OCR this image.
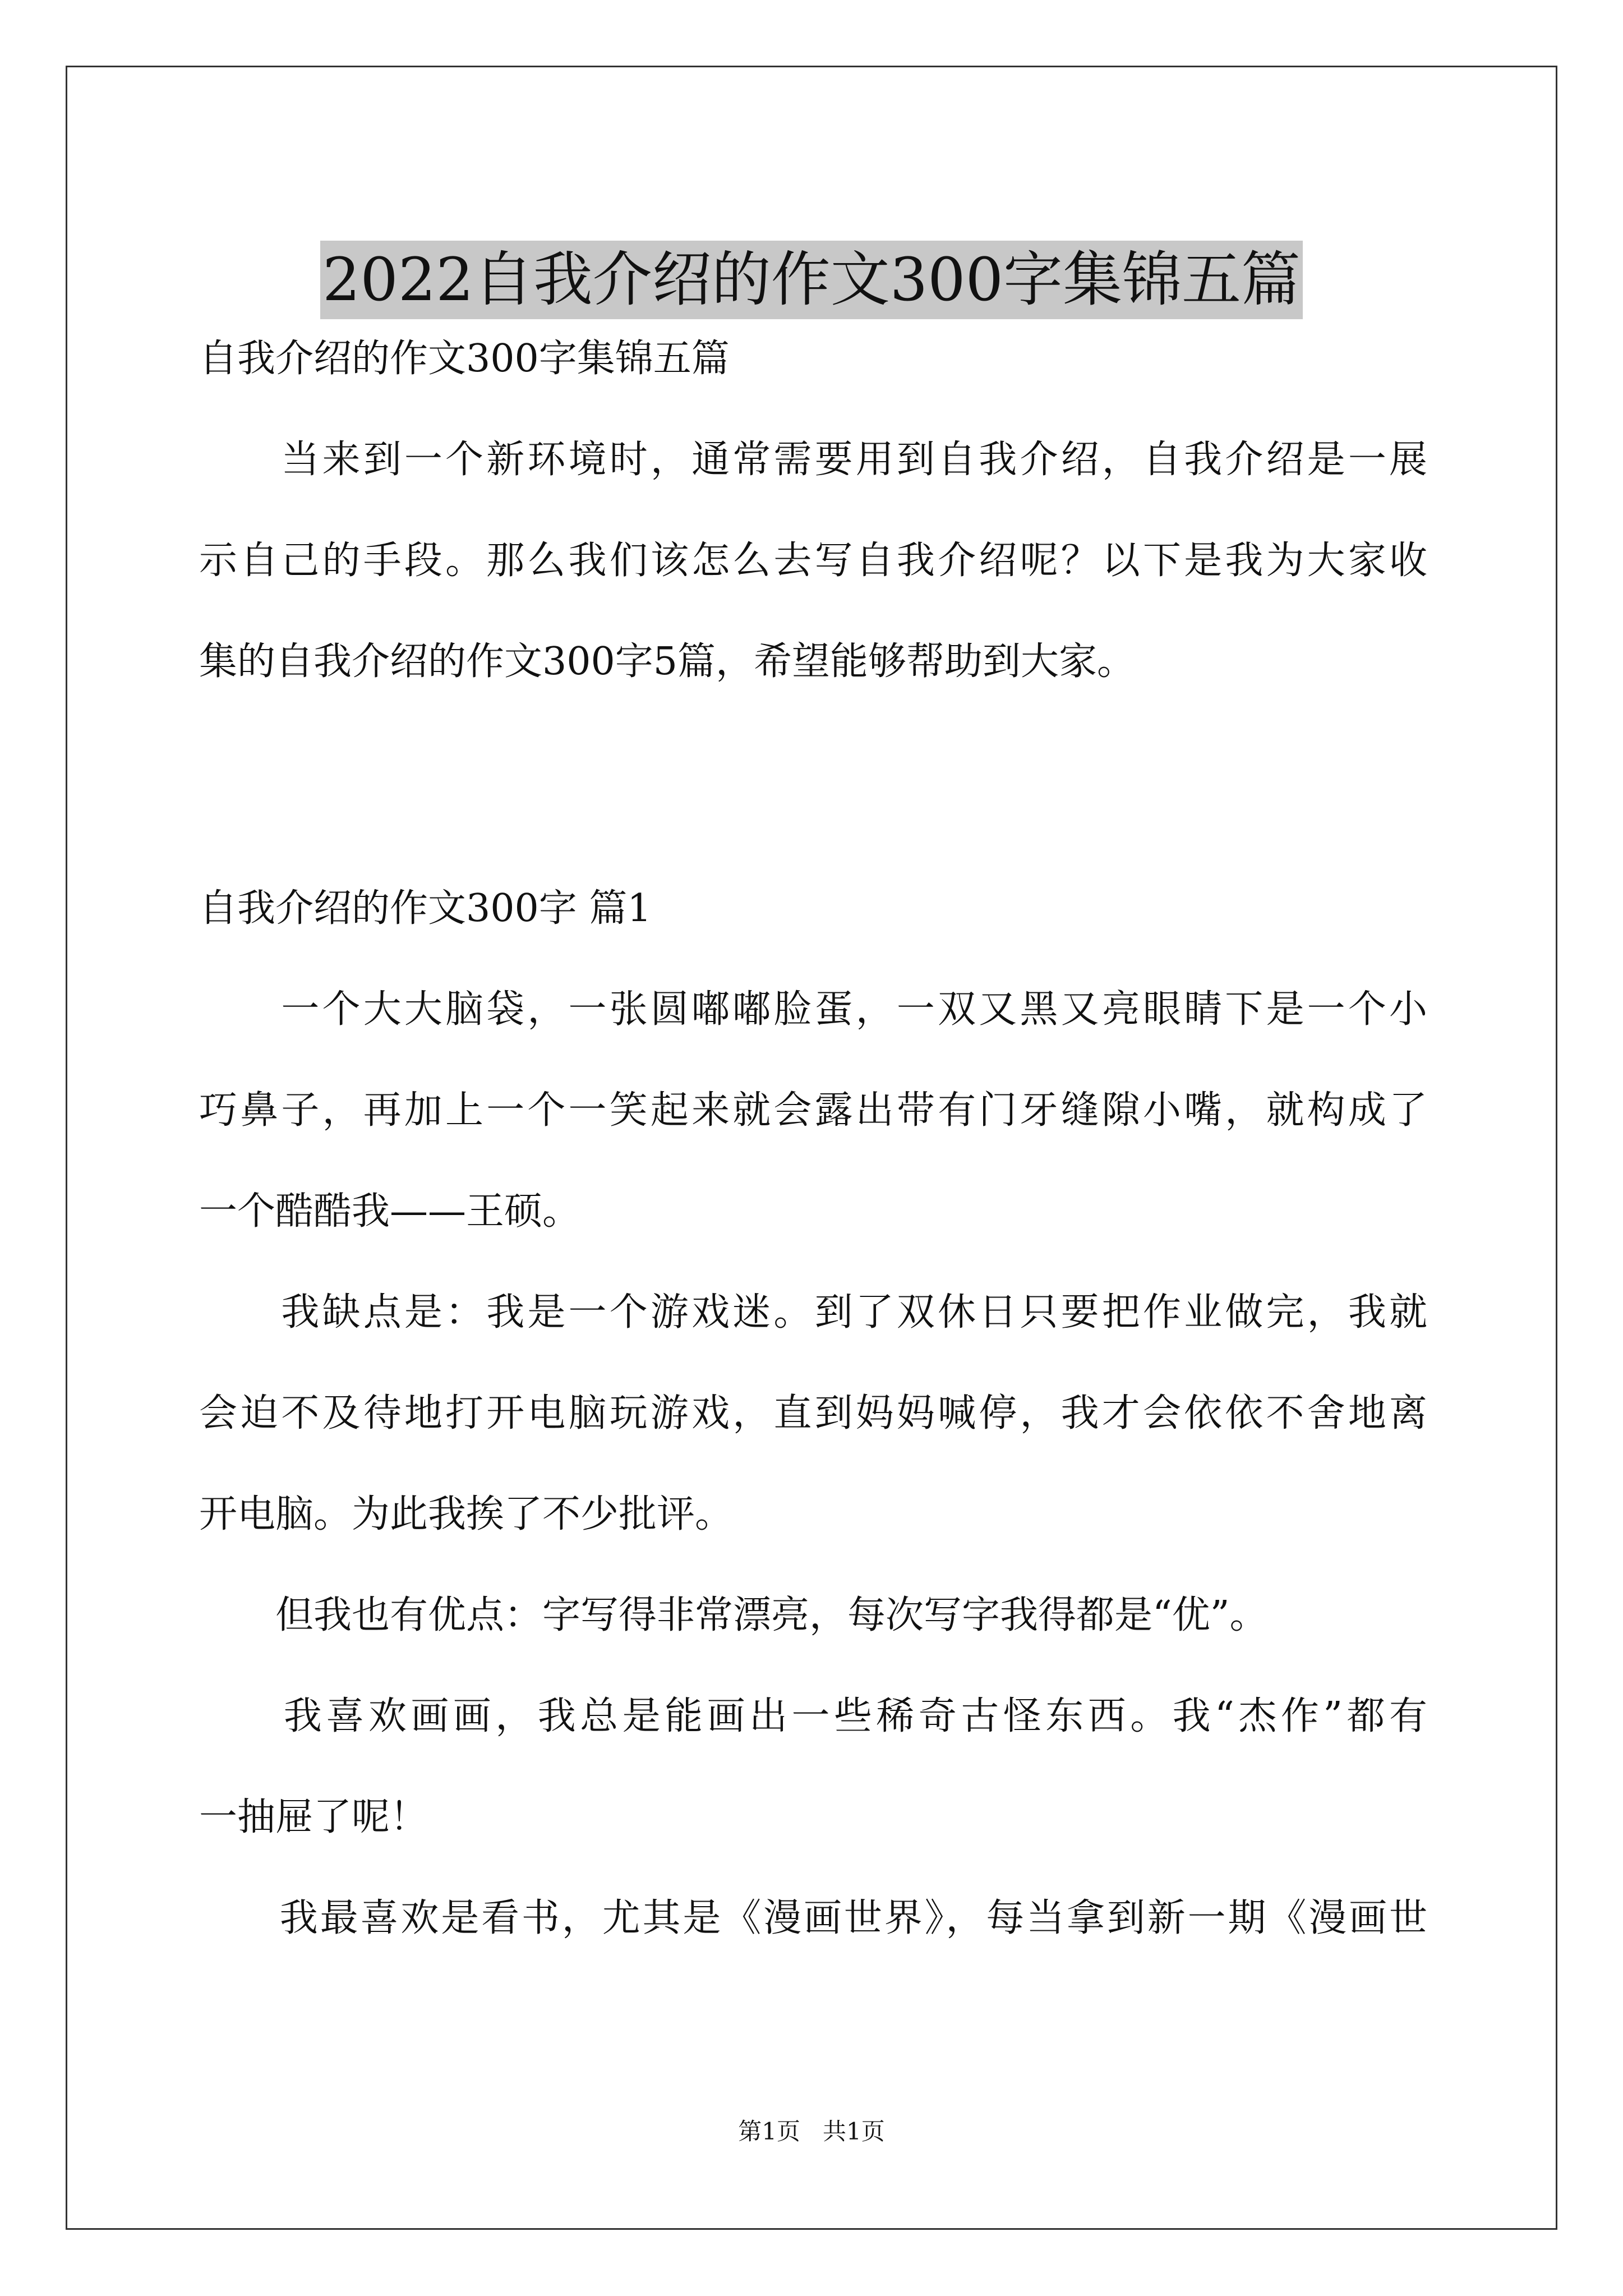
2022自我介绍的作文300字集锦五篇
自我介绍的作文300字集锦五篇
　　当来到一个新环境时，通常需要用到自我介绍，自我介绍是一展
示自己的手段。那么我们该怎么去写自我介绍呢？以下是我为大家收
集的自我介绍的作文300字5篇，希望能够帮助到大家。
自我介绍的作文300字 篇1
　　一个大大脑袋，一张圆嘟嘟脸蛋，一双又黑又亮眼睛下是一个小
巧鼻子，再加上一个一笑起来就会露出带有门牙缝隙小嘴，就构成了
一个酷酷我——王硕。
　　我缺点是：我是一个游戏迷。到了双休日只要把作业做完，我就
会迫不及待地打开电脑玩游戏，直到妈妈喊停，我才会依依不舍地离
开电脑。为此我挨了不少批评。
　　但我也有优点：字写得非常漂亮，每次写字我得都是“优”。
　　我喜欢画画，我总是能画出一些稀奇古怪东西。我“杰作”都有
一抽屉了呢！
　　我最喜欢是看书，尤其是《漫画世界》，每当拿到新一期《漫画世
第1页   共1页
